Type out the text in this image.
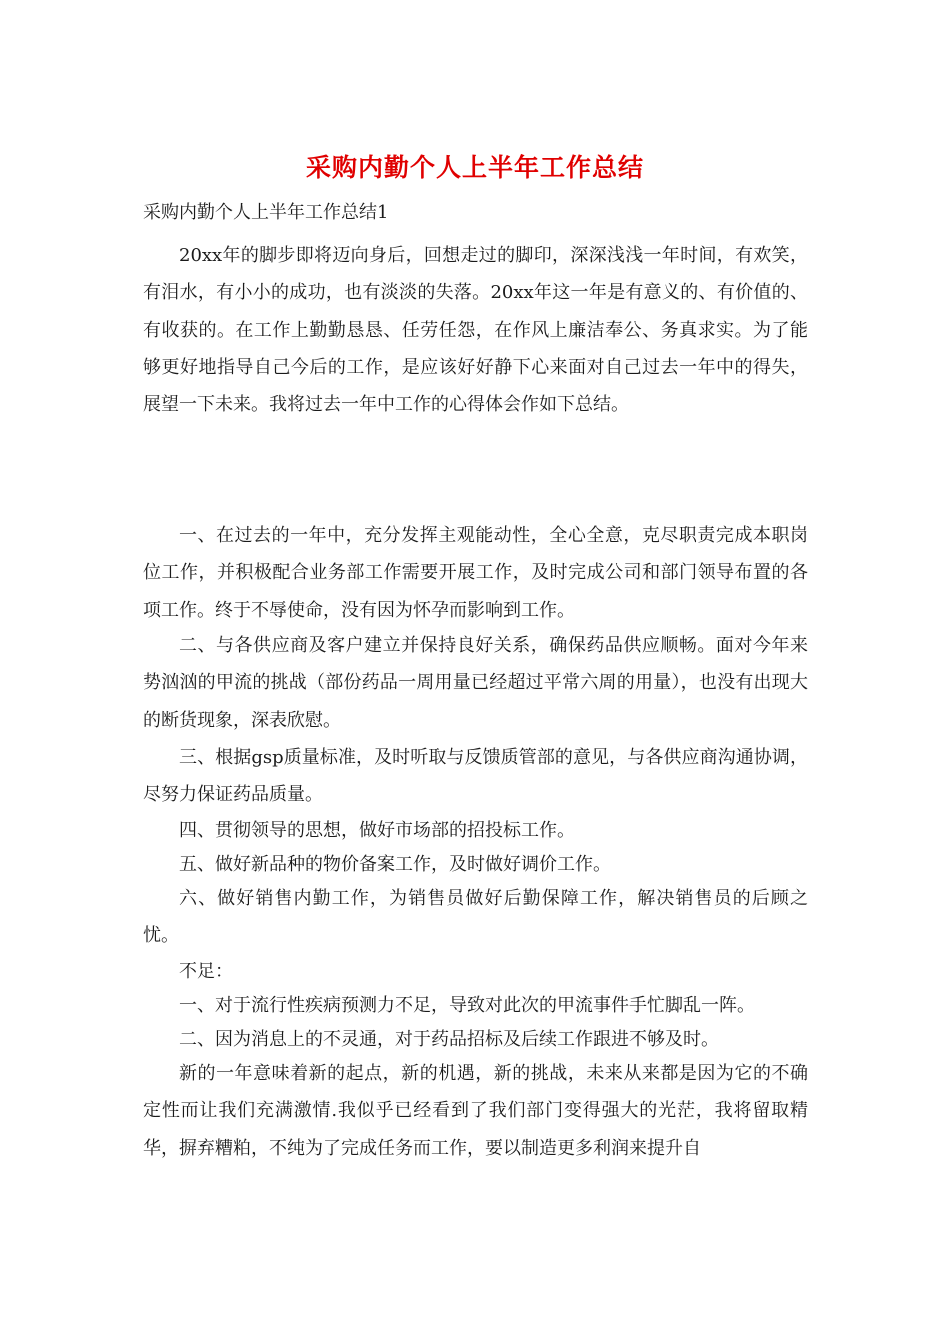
采购内勤个人上半年工作总结
采购内勤个人上半年工作总结1

20xx年的脚步即将迈向身后，回想走过的脚印，深深浅浅一年时间，有欢笑，有泪水，有小小的成功，也有淡淡的失落。20xx年这一年是有意义的、有价值的、有收获的。在工作上勤勤恳恳、任劳任怨，在作风上廉洁奉公、务真求实。为了能够更好地指导自己今后的工作，是应该好好静下心来面对自己过去一年中的得失，展望一下未来。我将过去一年中工作的心得体会作如下总结。

一、在过去的一年中，充分发挥主观能动性，全心全意，克尽职责完成本职岗位工作，并积极配合业务部工作需要开展工作，及时完成公司和部门领导布置的各项工作。终于不辱使命，没有因为怀孕而影响到工作。

二、与各供应商及客户建立并保持良好关系，确保药品供应顺畅。面对今年来势汹汹的甲流的挑战（部份药品一周用量已经超过平常六周的用量），也没有出现大的断货现象，深表欣慰。

三、根据gsp质量标准，及时听取与反馈质管部的意见，与各供应商沟通协调，尽努力保证药品质量。

四、贯彻领导的思想，做好市场部的招投标工作。

五、做好新品种的物价备案工作，及时做好调价工作。

六、做好销售内勤工作，为销售员做好后勤保障工作，解决销售员的后顾之忧。

不足：

一、对于流行性疾病预测力不足，导致对此次的甲流事件手忙脚乱一阵。

二、因为消息上的不灵通，对于药品招标及后续工作跟进不够及时。

新的一年意味着新的起点，新的机遇，新的挑战，未来从来都是因为它的不确定性而让我们充满激情.我似乎已经看到了我们部门变得强大的光茫，我将留取精华，摒弃糟粕，不纯为了完成任务而工作，要以制造更多利润来提升自
